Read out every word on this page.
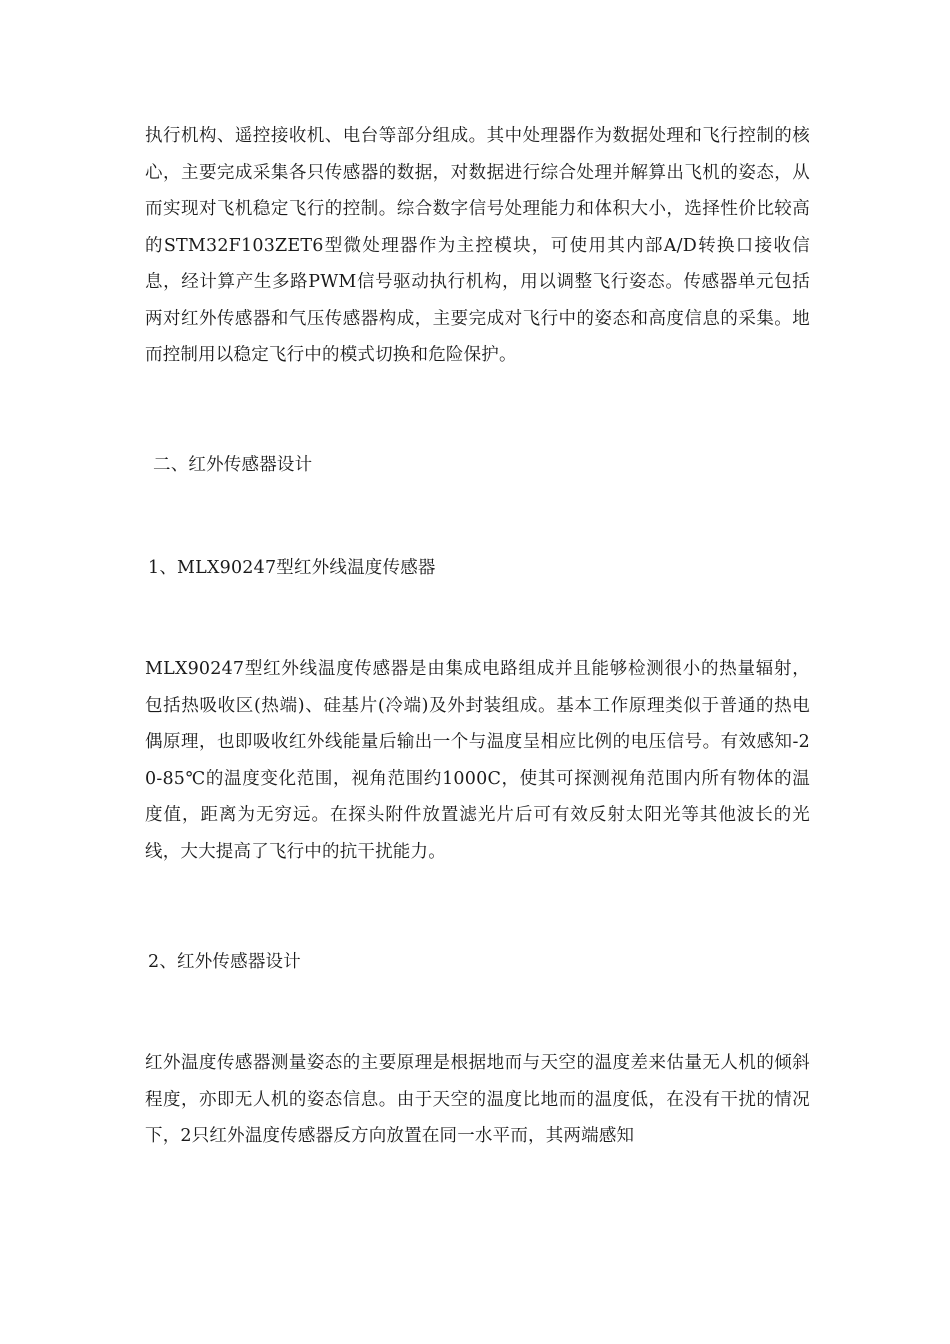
执行机构、遥控接收机、电台等部分组成。其中处理器作为数据处理和飞行控制的核心，主要完成采集各只传感器的数据，对数据进行综合处理并解算出飞机的姿态，从而实现对飞机稳定飞行的控制。综合数字信号处理能力和体积大小，选择性价比较高的STM32F103ZET6型微处理器作为主控模块，可使用其内部A/D转换口接收信息，经计算产生多路PWM信号驱动执行机构，用以调整飞行姿态。传感器单元包括两对红外传感器和气压传感器构成，主要完成对飞行中的姿态和高度信息的采集。地而控制用以稳定飞行中的模式切换和危险保护。

二、红外传感器设计
1、MLX90247型红外线温度传感器

MLX90247型红外线温度传感器是由集成电路组成并且能够检测很小的热量辐射，包括热吸收区(热端)、硅基片(冷端)及外封装组成。基本工作原理类似于普通的热电偶原理，也即吸收红外线能量后输出一个与温度呈相应比例的电压信号。有效感知-20-85℃的温度变化范围，视角范围约1000C，使其可探测视角范围内所有物体的温度值，距离为无穷远。在探头附件放置滤光片后可有效反射太阳光等其他波长的光线，大大提高了飞行中的抗干扰能力。

2、红外传感器设计

红外温度传感器测量姿态的主要原理是根据地而与天空的温度差来估量无人机的倾斜程度，亦即无人机的姿态信息。由于天空的温度比地而的温度低，在没有干扰的情况下，2只红外温度传感器反方向放置在同一水平而，其两端感知
